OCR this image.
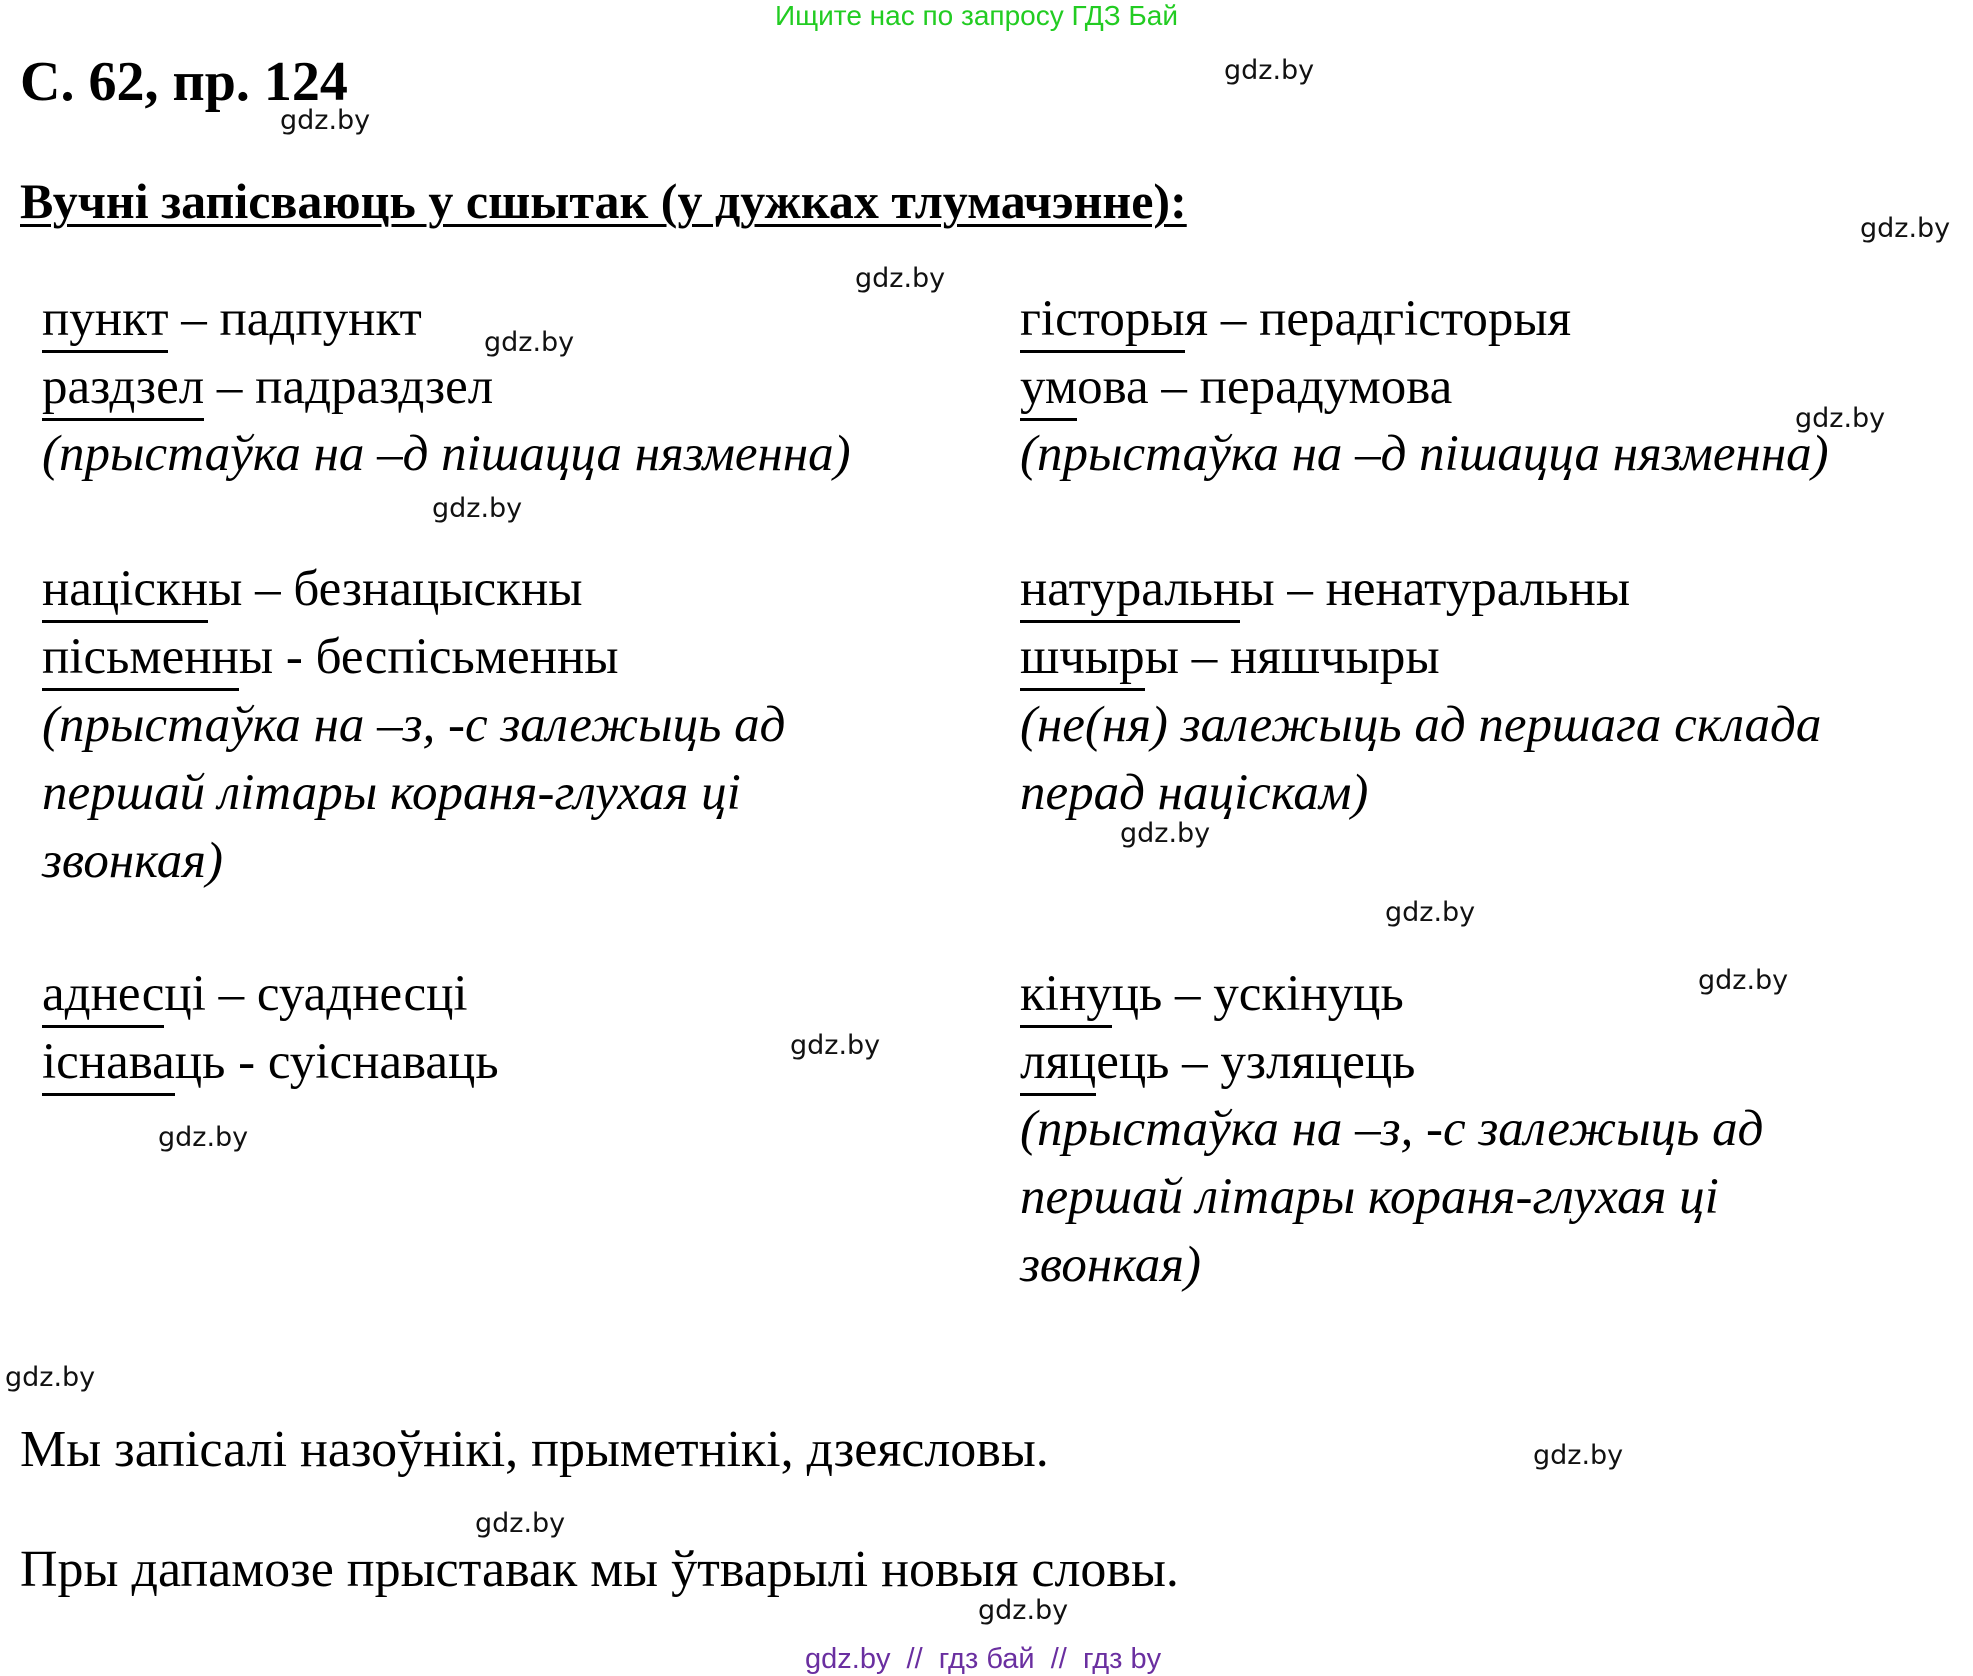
Ищите нас по запросу ГДЗ Бай
С. 62, пр. 124
gdz.by
gdz.by
Вучні запісваюць у сшытак (у дужках тлумачэнне):	gdz.by
gdz.by
пункт – падпункт gdz.by
раздзел – падраздзел
(прыстаўка на –д пішацца нязменна)
gdz.by
гісторыя – перадгісторыя
умова – перадумова
gdz.by
(прыстаўка на –д пішацца нязменна)
націскны – безнацыскны
пісьменны - беспісьменны
(прыстаўка на –з, -с залежыць ад
першай літары кораня-глухая ці
звонкая)
натуральны – ненатуральны
шчыры – няшчыры
(не(ня) залежыць ад першага склада
перад націскам)
gdz.by
gdz.by
аднесці – суаднесці
gdz.by
існаваць - суіснаваць
gdz.by
gdz.by
кінуць – ускінуць
ляцець – узляцець
(прыстаўка на –з, -с залежыць ад
першай літары кораня-глухая ці
звонкая)
gdz.by
Мы запісалі назоўнікі, прыметнікі, дзеясловы.	gdz.by
gdz.by
Пры дапамозе прыставак мы ўтварылі новыя словы.
gdz.by
gdz.by  //  гдз бай  //  гдз by
